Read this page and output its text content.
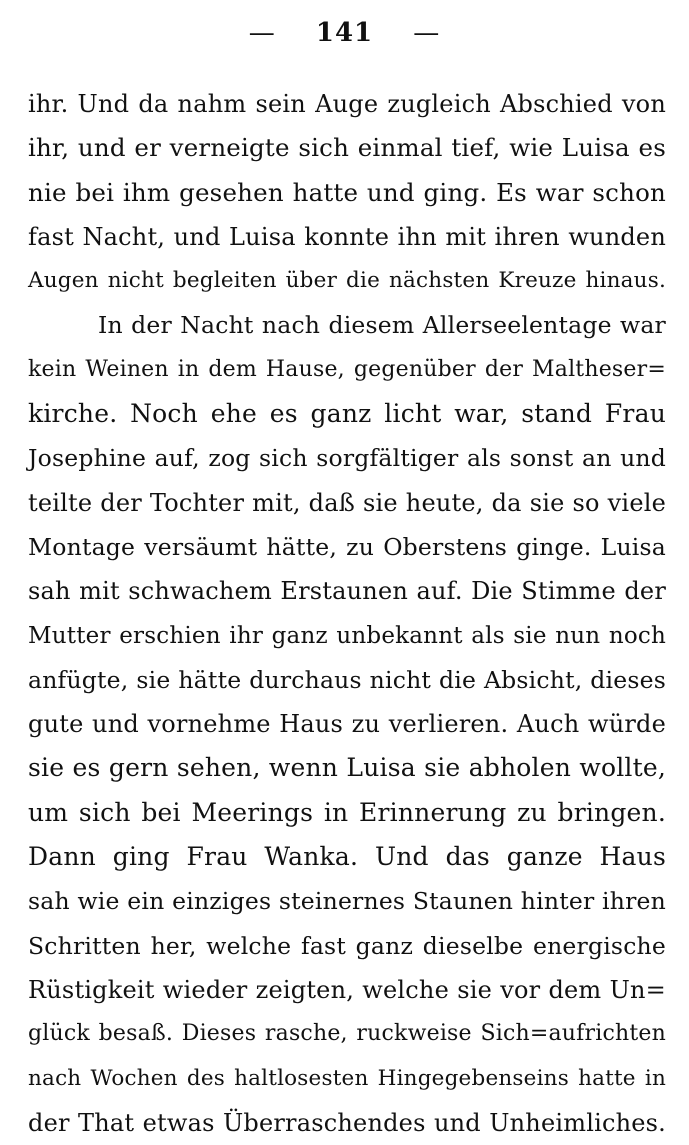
— 141 —
ihr. Und da nahm sein Auge zugleich Abschied von
ihr, und er verneigte sich einmal tief, wie Luisa es
nie bei ihm gesehen hatte und ging. Es war schon
fast Nacht, und Luisa konnte ihn mit ihren wunden
Augen nicht begleiten über die nächsten Kreuze hinaus.
In der Nacht nach diesem Allerseelentage war
kein Weinen in dem Hause, gegenüber der Maltheser=
kirche. Noch ehe es ganz licht war, stand Frau
Josephine auf, zog sich sorgfältiger als sonst an und
teilte der Tochter mit, daß sie heute, da sie so viele
Montage versäumt hätte, zu Oberstens ginge. Luisa
sah mit schwachem Erstaunen auf. Die Stimme der
Mutter erschien ihr ganz unbekannt als sie nun noch
anfügte, sie hätte durchaus nicht die Absicht, dieses
gute und vornehme Haus zu verlieren. Auch würde
sie es gern sehen, wenn Luisa sie abholen wollte,
um sich bei Meerings in Erinnerung zu bringen.
Dann ging Frau Wanka. Und das ganze Haus
sah wie ein einziges steinernes Staunen hinter ihren
Schritten her, welche fast ganz dieselbe energische
Rüstigkeit wieder zeigten, welche sie vor dem Un=
glück besaß. Dieses rasche, ruckweise Sich=aufrichten
nach Wochen des haltlosesten Hingegebenseins hatte in
der That etwas Überraschendes und Unheimliches.
